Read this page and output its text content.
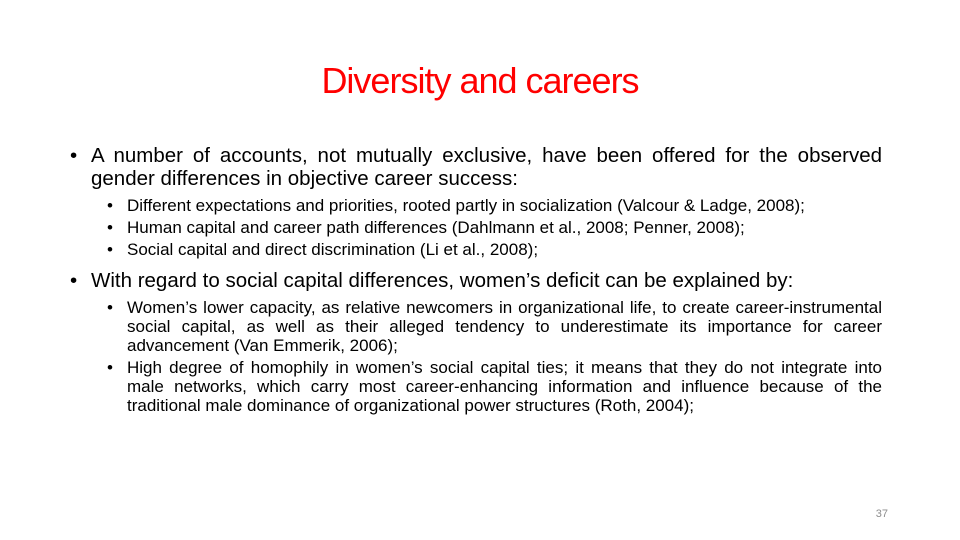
Diversity and careers
• A number of accounts, not mutually exclusive, have been offered for the observed gender differences in objective career success:
• Different expectations and priorities, rooted partly in socialization (Valcour & Ladge, 2008);
• Human capital and career path differences (Dahlmann et al., 2008; Penner, 2008);
• Social capital and direct discrimination (Li et al., 2008);
• With regard to social capital differences, women’s deficit can be explained by:
• Women’s lower capacity, as relative newcomers in organizational life, to create career-instrumental social capital, as well as their alleged tendency to underestimate its importance for career advancement (Van Emmerik, 2006);
• High degree of homophily in women’s social capital ties; it means that they do not integrate into male networks, which carry most career-enhancing information and influence because of the traditional male dominance of organizational power structures (Roth, 2004);
37
